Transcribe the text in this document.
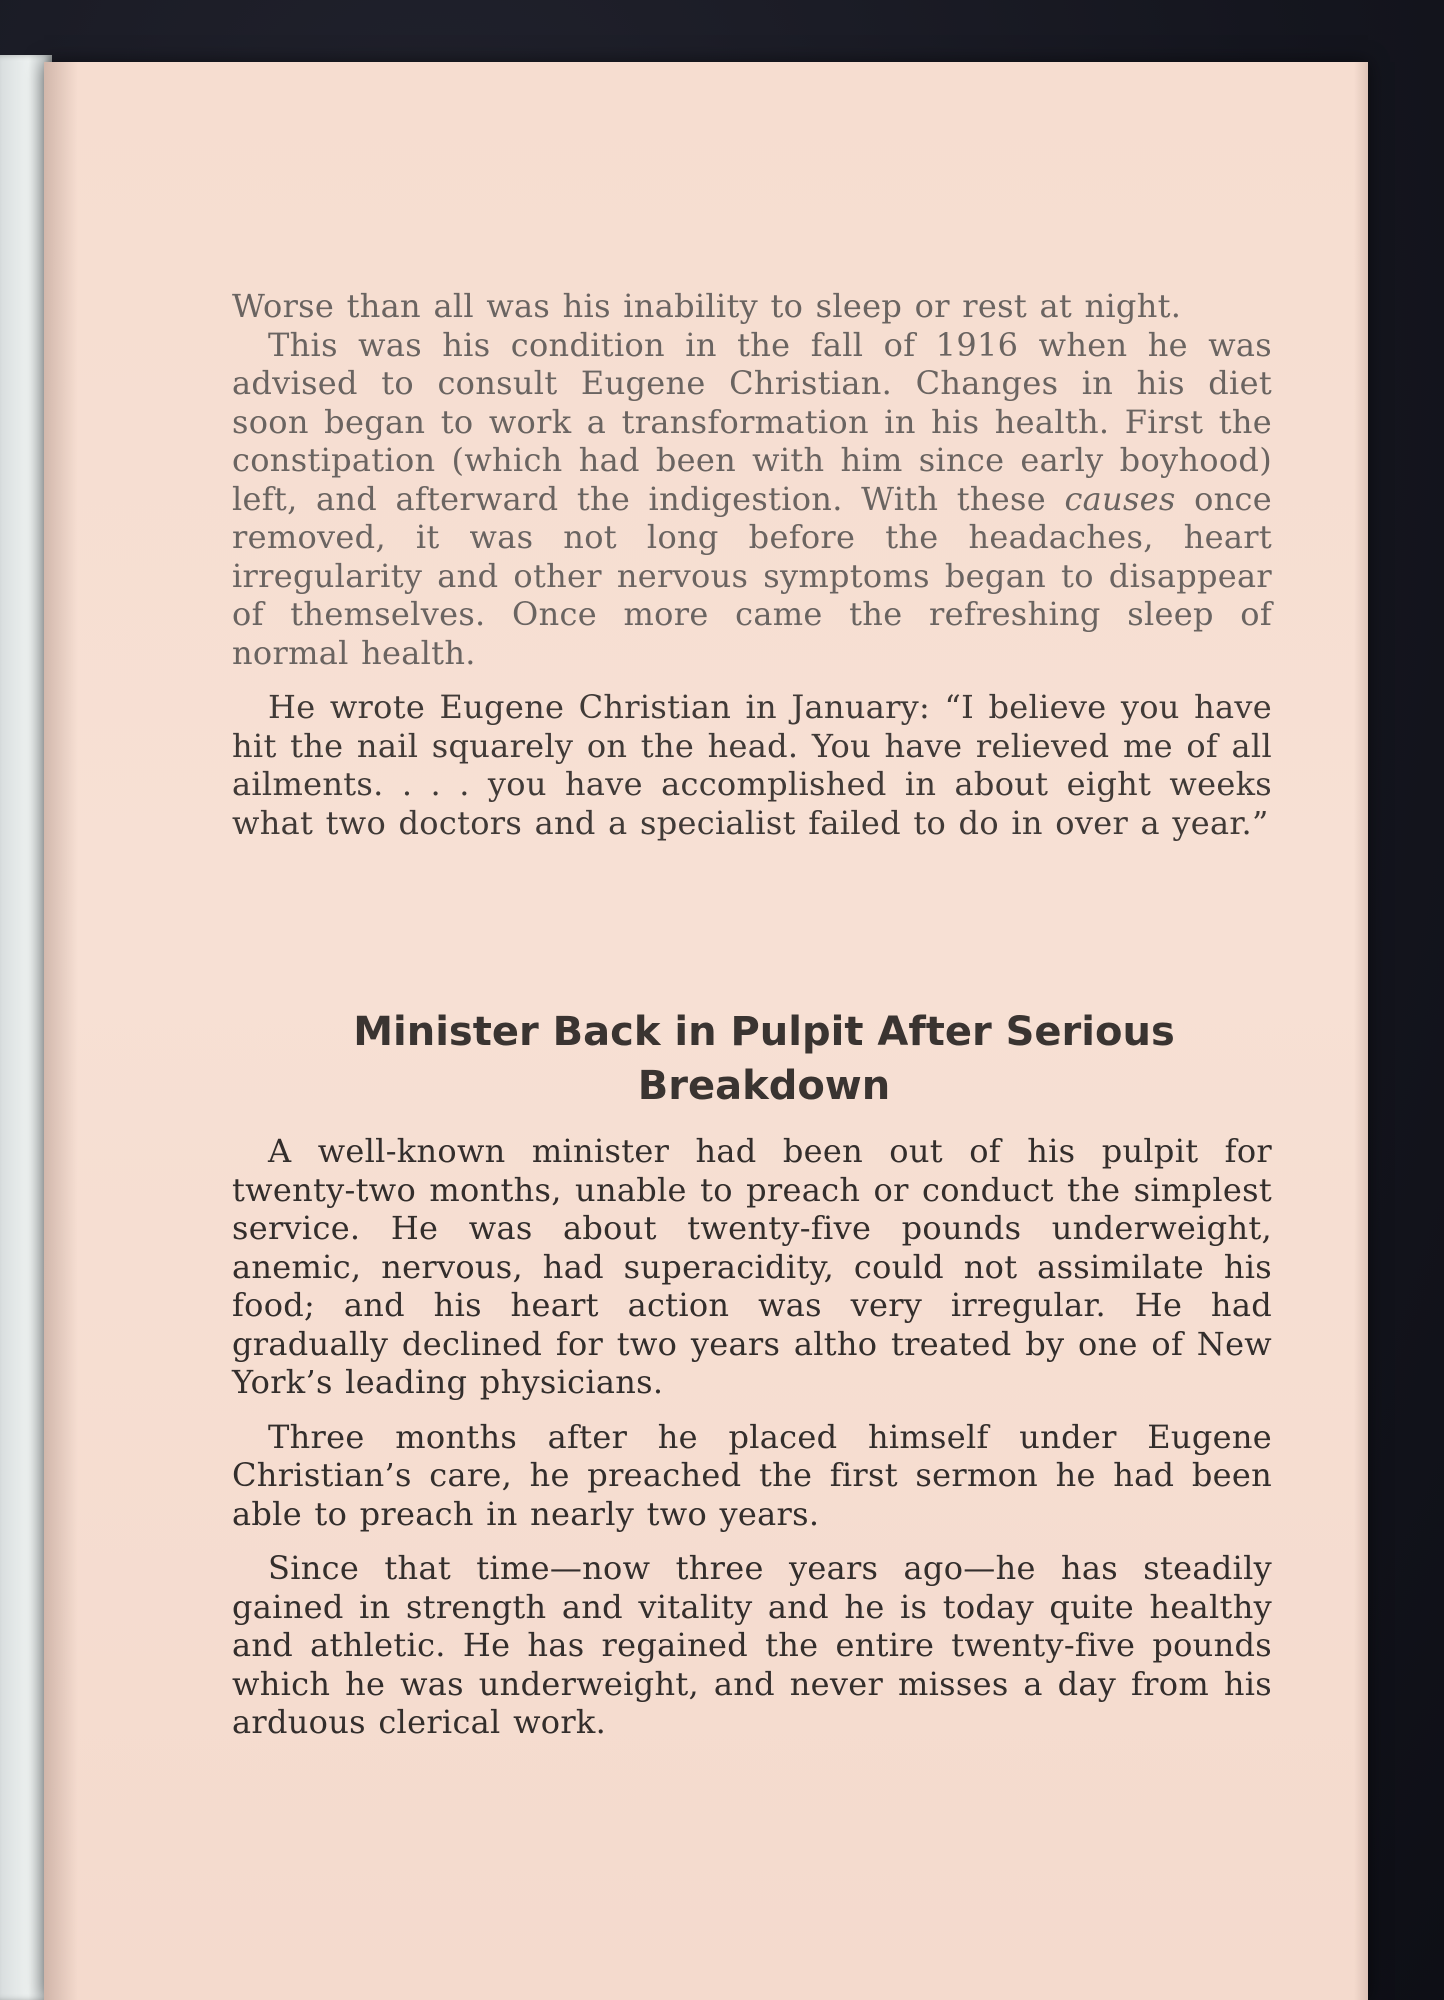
Worse than all was his inability to sleep or rest at night.

This was his condition in the fall of 1916 when he was advised to consult Eugene Christian. Changes in his diet soon began to work a transformation in his health. First the constipation (which had been with him since early boyhood) left, and afterward the indigestion. With these causes once removed, it was not long before the headaches, heart irregularity and other nervous symptoms began to disappear of themselves. Once more came the refreshing sleep of normal health.

He wrote Eugene Christian in January: “I believe you have hit the nail squarely on the head. You have relieved me of all ailments. . . . you have accomplished in about eight weeks what two doctors and a specialist failed to do in over a year.”

Minister Back in Pulpit After Serious Breakdown

A well-known minister had been out of his pulpit for twenty-two months, unable to preach or conduct the simplest service. He was about twenty-five pounds underweight, anemic, nervous, had superacidity, could not assimilate his food; and his heart action was very irregular. He had gradually declined for two years altho treated by one of New York’s leading physicians.

Three months after he placed himself under Eugene Christian’s care, he preached the first sermon he had been able to preach in nearly two years.

Since that time—now three years ago—he has steadily gained in strength and vitality and he is today quite healthy and athletic. He has regained the entire twenty-five pounds which he was underweight, and never misses a day from his arduous clerical work.
